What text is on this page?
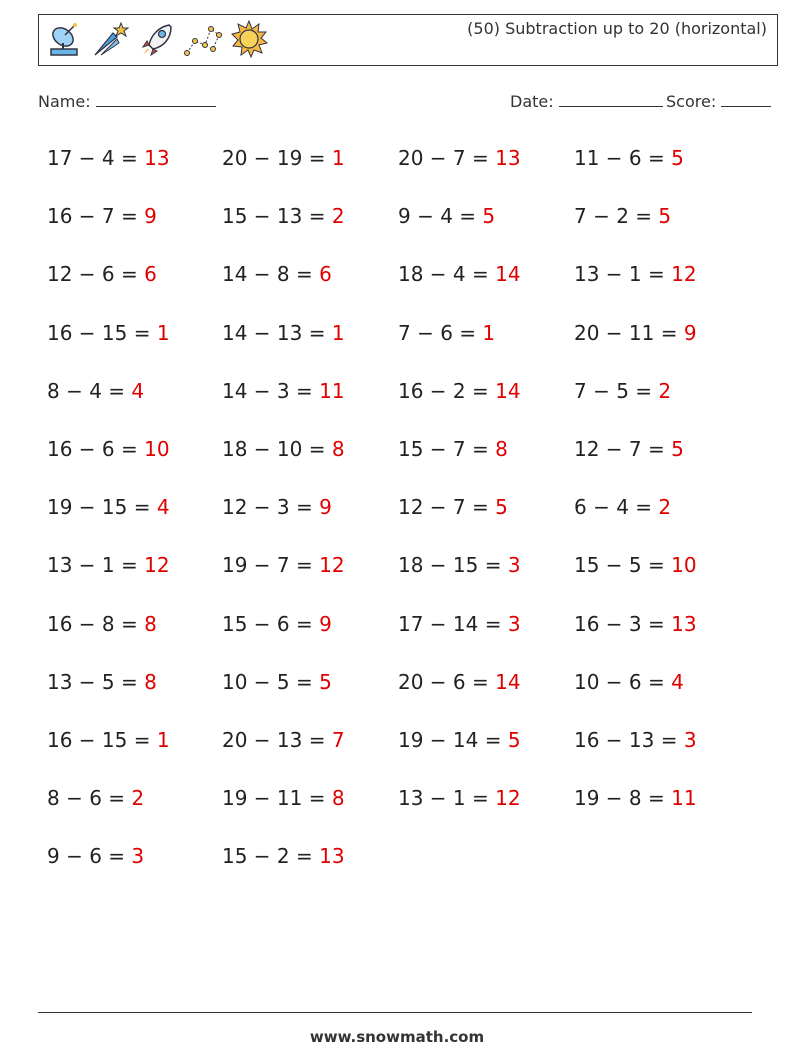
(50) Subtraction up to 20 (horizontal)
Name:	Date:	Score:
17 − 4 = 13	20 − 19 = 1	20 − 7 = 13	11 − 6 = 5
16 − 7 = 9	15 − 13 = 2	9 − 4 = 5	7 − 2 = 5
12 − 6 = 6	14 − 8 = 6	18 − 4 = 14	13 − 1 = 12
16 − 15 = 1	14 − 13 = 1	7 − 6 = 1	20 − 11 = 9
8 − 4 = 4	14 − 3 = 11	16 − 2 = 14	7 − 5 = 2
16 − 6 = 10	18 − 10 = 8	15 − 7 = 8	12 − 7 = 5
19 − 15 = 4	12 − 3 = 9	12 − 7 = 5	6 − 4 = 2
13 − 1 = 12	19 − 7 = 12	18 − 15 = 3	15 − 5 = 10
16 − 8 = 8	15 − 6 = 9	17 − 14 = 3	16 − 3 = 13
13 − 5 = 8	10 − 5 = 5	20 − 6 = 14	10 − 6 = 4
16 − 15 = 1	20 − 13 = 7	19 − 14 = 5	16 − 13 = 3
8 − 6 = 2	19 − 11 = 8	13 − 1 = 12	19 − 8 = 11
9 − 6 = 3	15 − 2 = 13
www.snowmath.com
